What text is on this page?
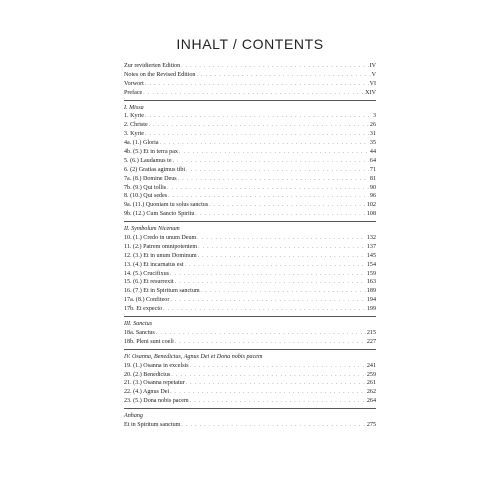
INHALT / CONTENTS
Zur revidierten Edition . . .	IV
Notes on the Revised Edition . . .	V
Vorwort . . .	VI
Preface . . .	XIV
I. Missa
1. Kyrie . . .	3
2. Christe . . .	26
3. Kyrie . . .	31
4a. (1.) Gloria . . .	35
4b. (5.) Et in terra pax . . .	44
5. (6.) Laudamus te . . .	64
6. (2) Gratias agimus tibi . . .	71
7a. (8.) Domine Deus . . .	81
7b. (9.) Qui tollis . . .	90
8. (10.) Qui sedes . . .	96
9a. (11.) Quoniam tu solus sanctus . . .	102
9b. (12.) Cum Sancto Spiritu . . .	108
II. Symbolum Nicenum
10. (1.) Credo in unum Deum . . .	132
11. (2.) Patrem omnipotentem . . .	137
12. (3.) Et in unum Dominum . . .	145
13. (4.) Et incarnatus est . . .	154
14. (5.) Crucifixus . . .	159
15. (6.) Et resurrexit . . .	163
16. (7.) Et in Spiritum sanctum . . .	189
17a. (8.) Confiteor . . .	194
17b. Et expecto . . .	199
III. Sanctus
18a. Sanctus . . .	215
18b. Pleni sunt coeli . . .	227
IV. Osanna, Benedictus, Agnus Dei et Dona nobis pacem
19. (1.) Osanna in excelsis . . .	241
20. (2.) Benedictus . . .	259
21. (3.) Osanna repetatur . . .	261
22. (4.) Agnus Dei . . .	262
23. (5.) Dona nobis pacem . . .	264
Anhang
Et in Spiritum sanctum . . .	275
